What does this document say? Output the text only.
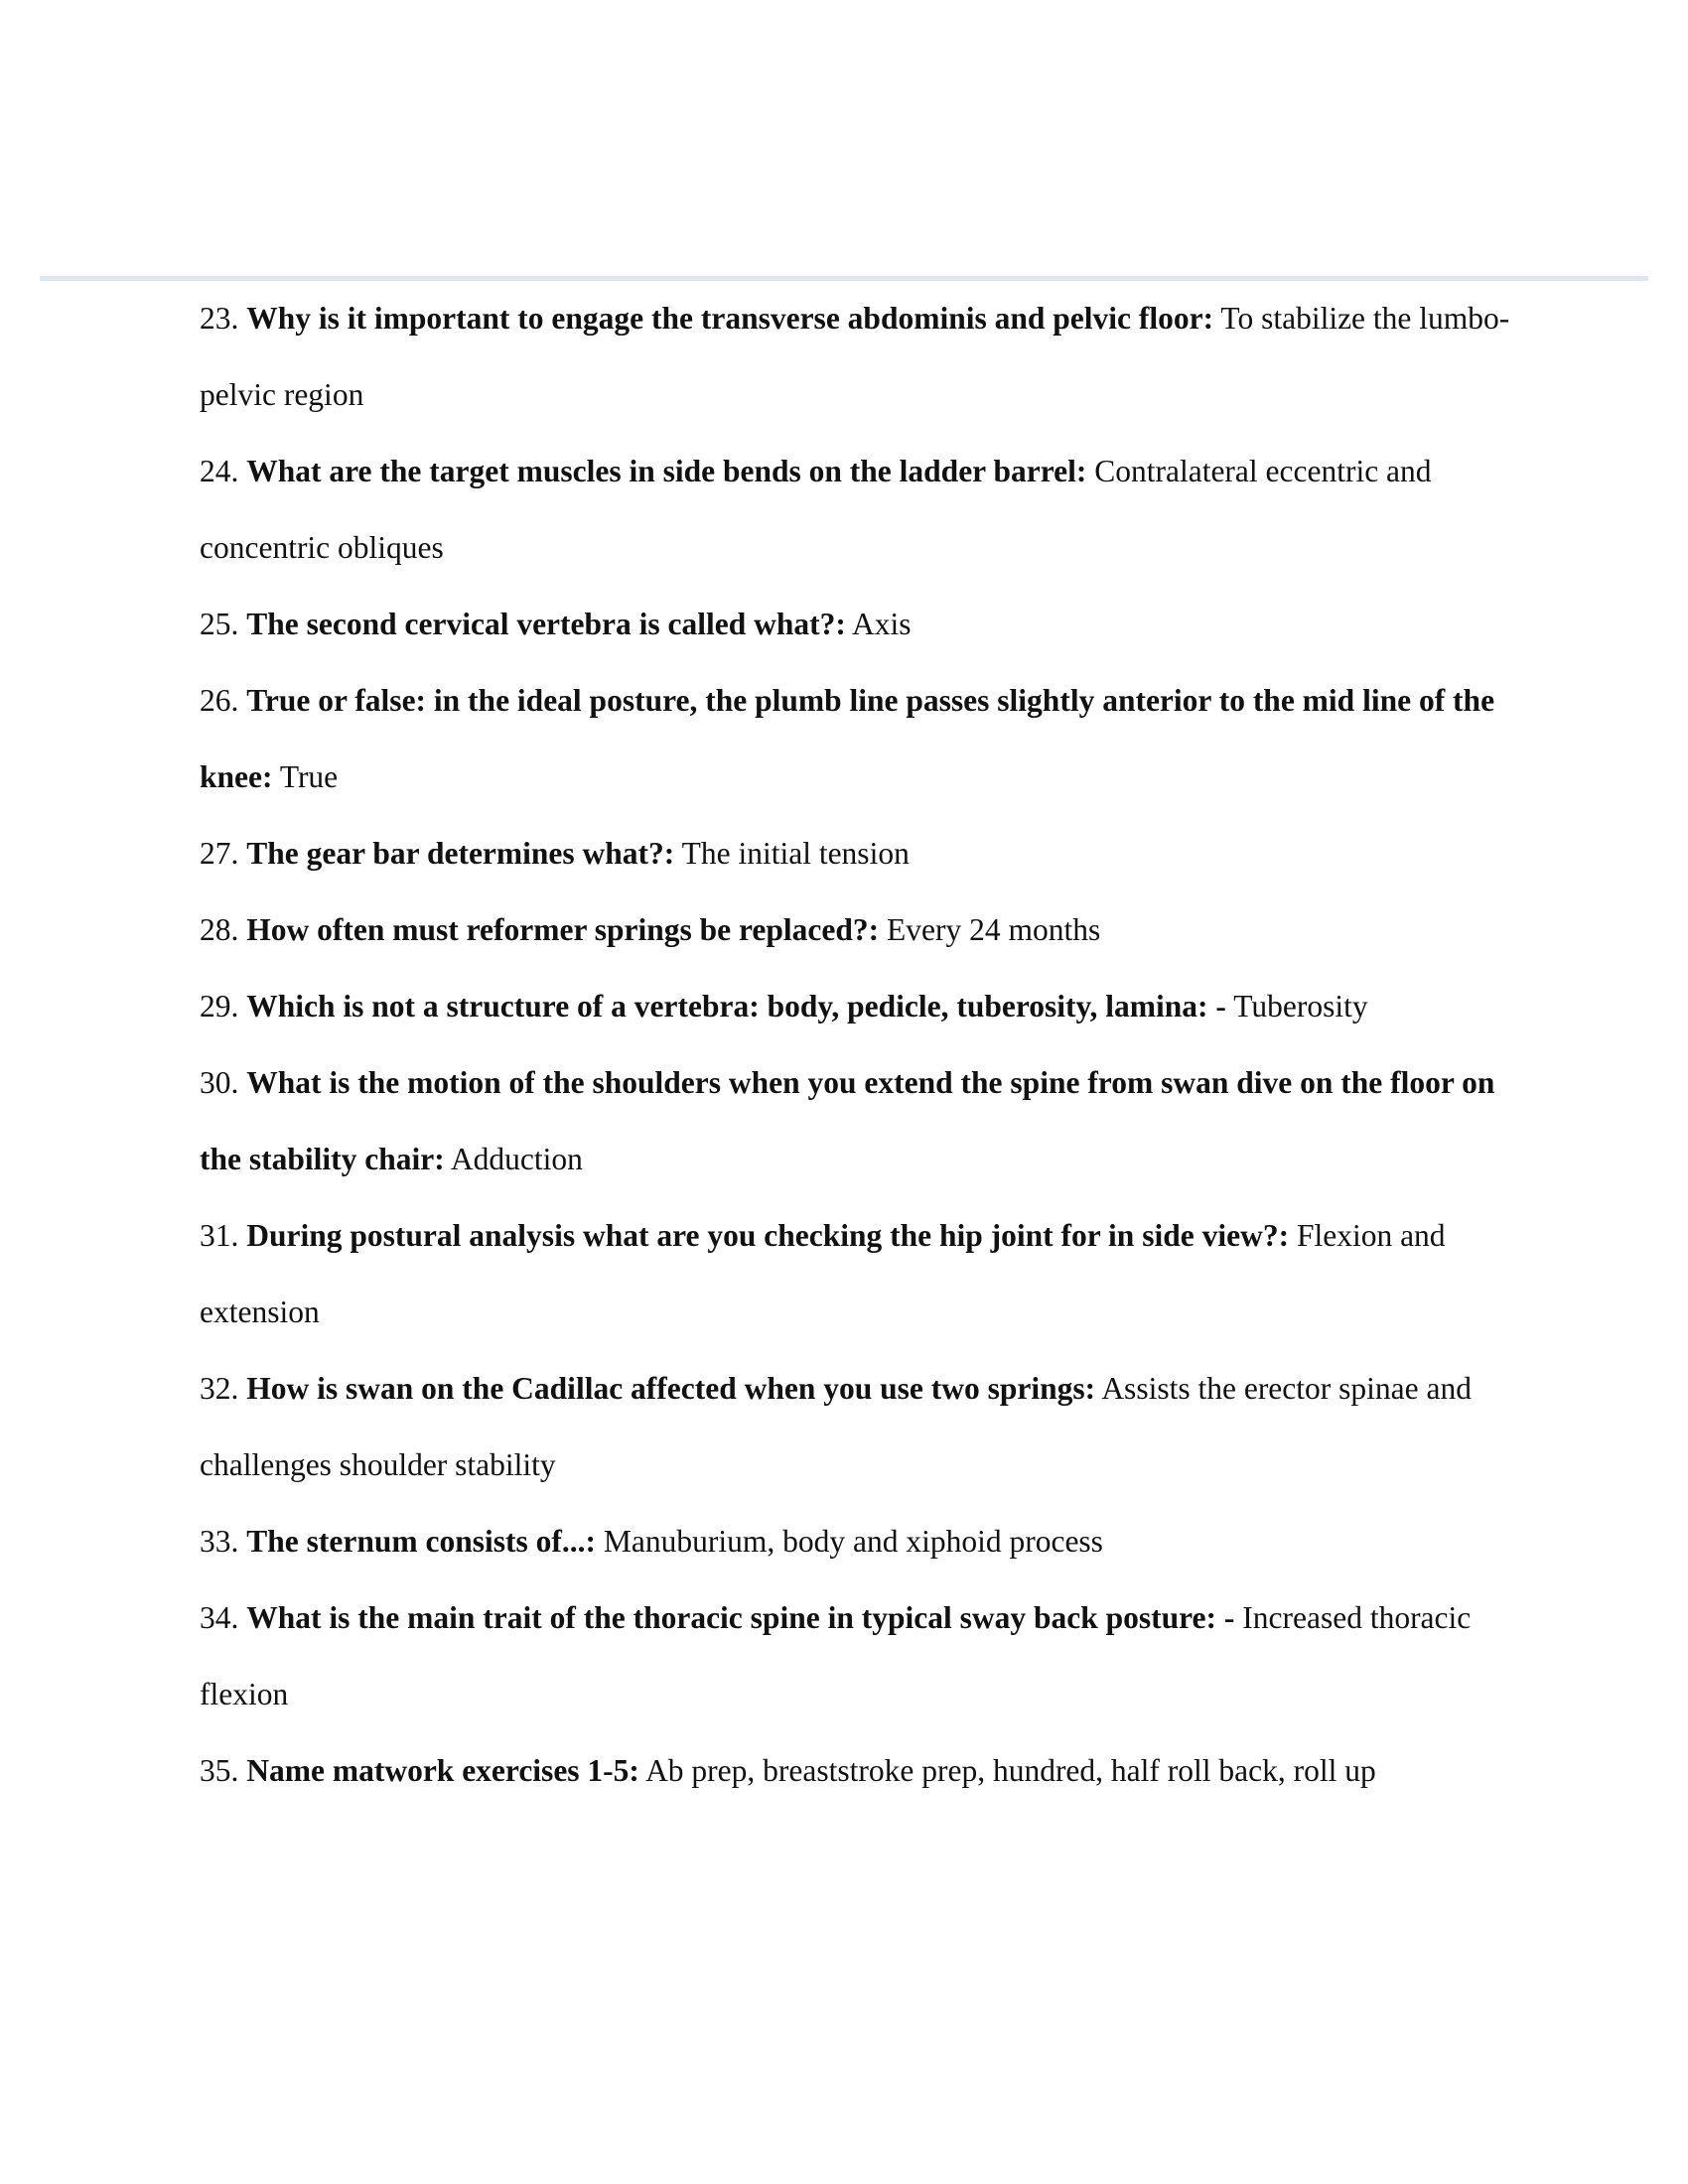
23. Why is it important to engage the transverse abdominis and pelvic floor: To stabilize the lumbo-pelvic region

24. What are the target muscles in side bends on the ladder barrel: Contralateral eccentric and concentric obliques

25. The second cervical vertebra is called what?: Axis

26. True or false: in the ideal posture, the plumb line passes slightly anterior to the mid line of the knee: True

27. The gear bar determines what?: The initial tension

28. How often must reformer springs be replaced?: Every 24 months

29. Which is not a structure of a vertebra: body, pedicle, tuberosity, lamina: - Tuberosity

30. What is the motion of the shoulders when you extend the spine from swan dive on the floor on the stability chair: Adduction

31. During postural analysis what are you checking the hip joint for in side view?: Flexion and extension

32. How is swan on the Cadillac affected when you use two springs: Assists the erector spinae and challenges shoulder stability

33. The sternum consists of...: Manuburium, body and xiphoid process

34. What is the main trait of the thoracic spine in typical sway back posture: - Increased thoracic flexion

35. Name matwork exercises 1-5: Ab prep, breaststroke prep, hundred, half roll back, roll up
